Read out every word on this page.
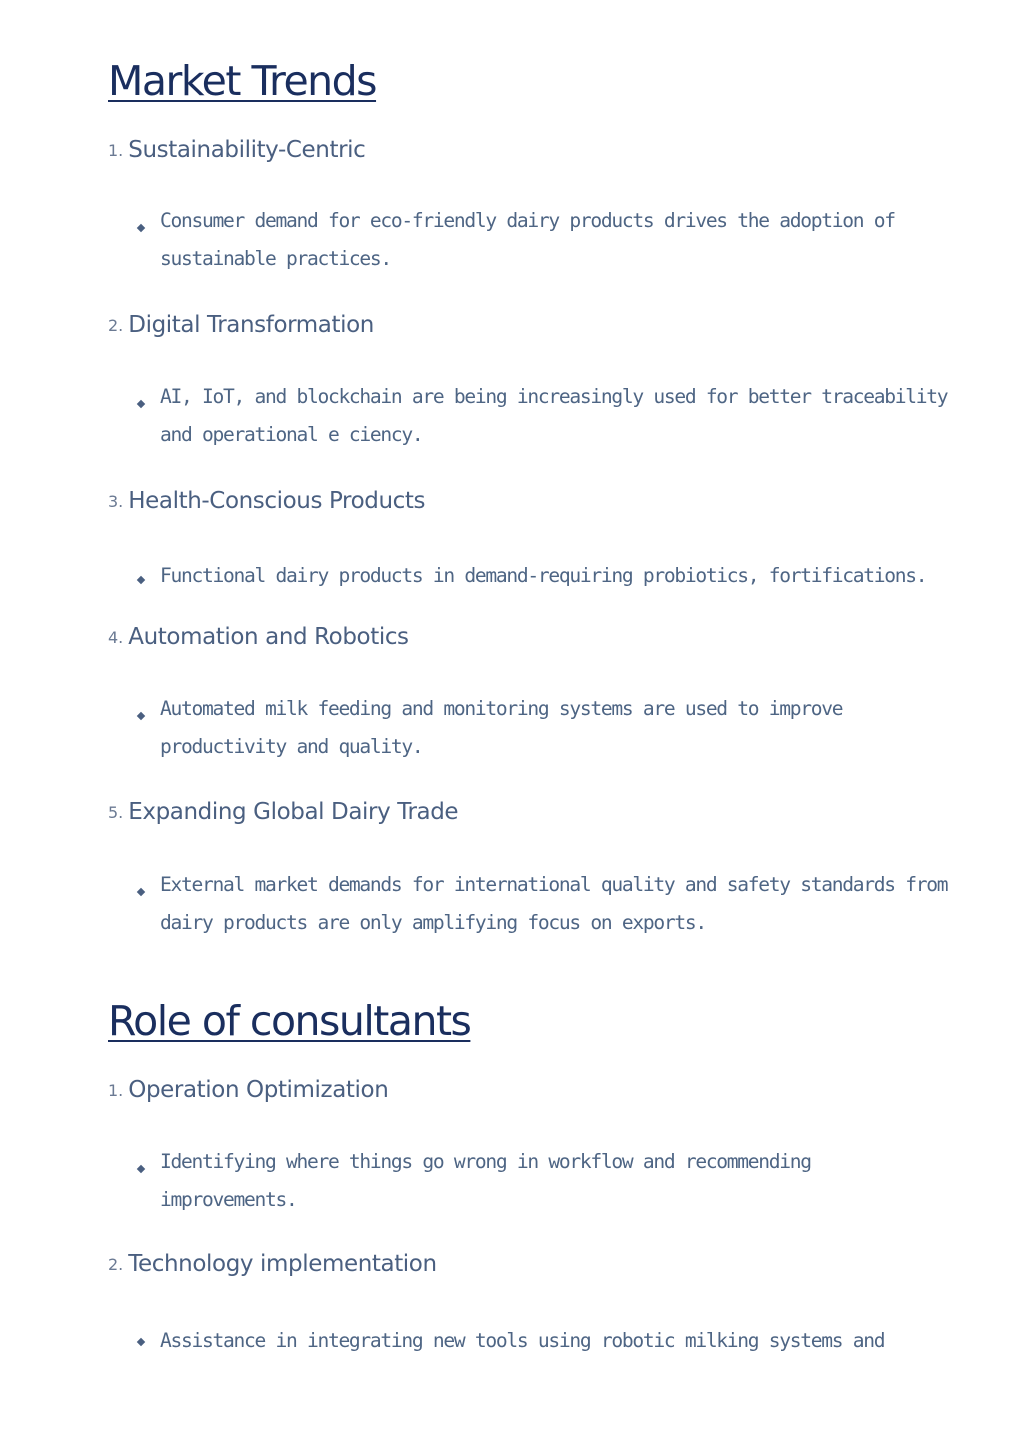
Market Trends
1. Sustainability-Centric

Consumer demand for eco-friendly dairy products drives the adoption of sustainable practices.

2. Digital Transformation

AI, IoT, and blockchain are being increasingly used for better traceability and operational e ciency.

3. Health-Conscious Products

Functional dairy products in demand-requiring probiotics, fortifications.

4. Automation and Robotics

Automated milk feeding and monitoring systems are used to improve productivity and quality.

5. Expanding Global Dairy Trade

External market demands for international quality and safety standards from dairy products are only amplifying focus on exports.

Role of consultants
1. Operation Optimization

Identifying where things go wrong in workflow and recommending improvements.

2. Technology implementation

Assistance in integrating new tools using robotic milking systems and
